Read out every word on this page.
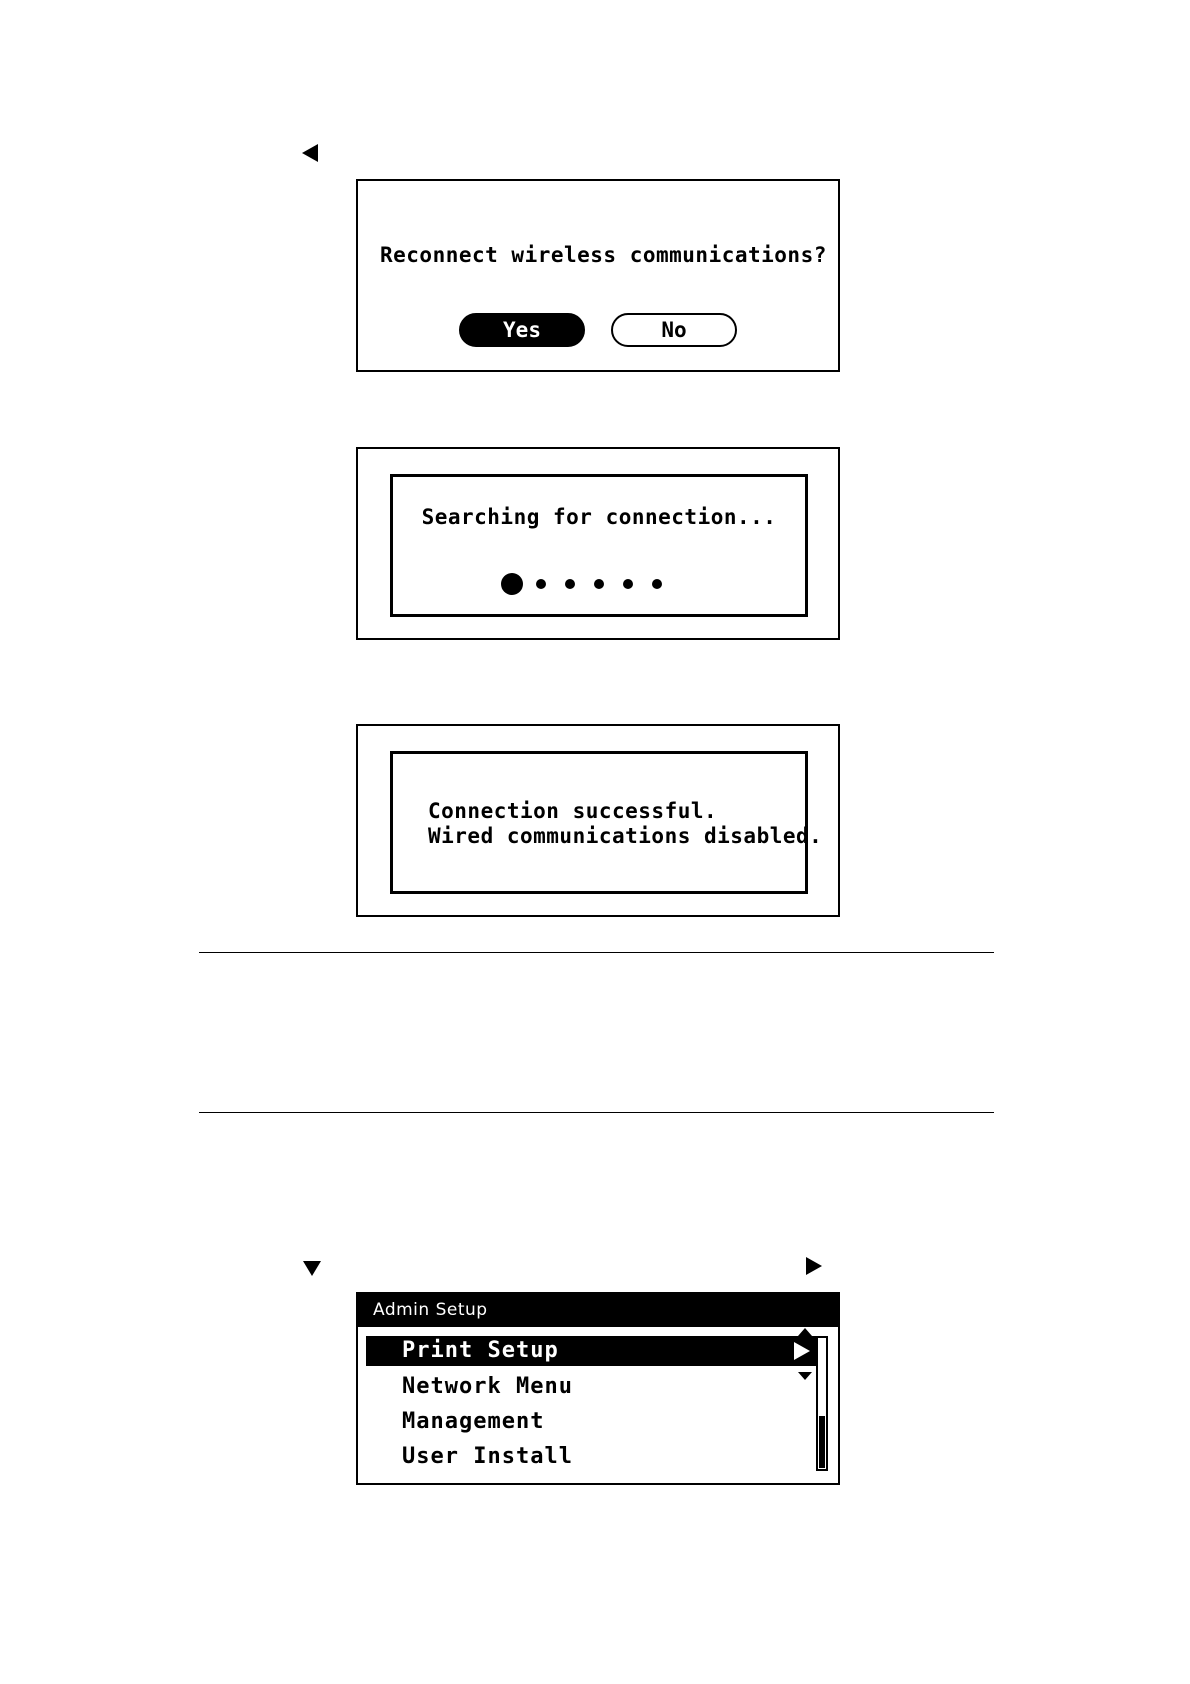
Reconnect wireless communications?
Yes	No
Searching for connection...
Connection successful.
Wired communications disabled.
Admin Setup
Print Setup
Network Menu
Management
User Install
